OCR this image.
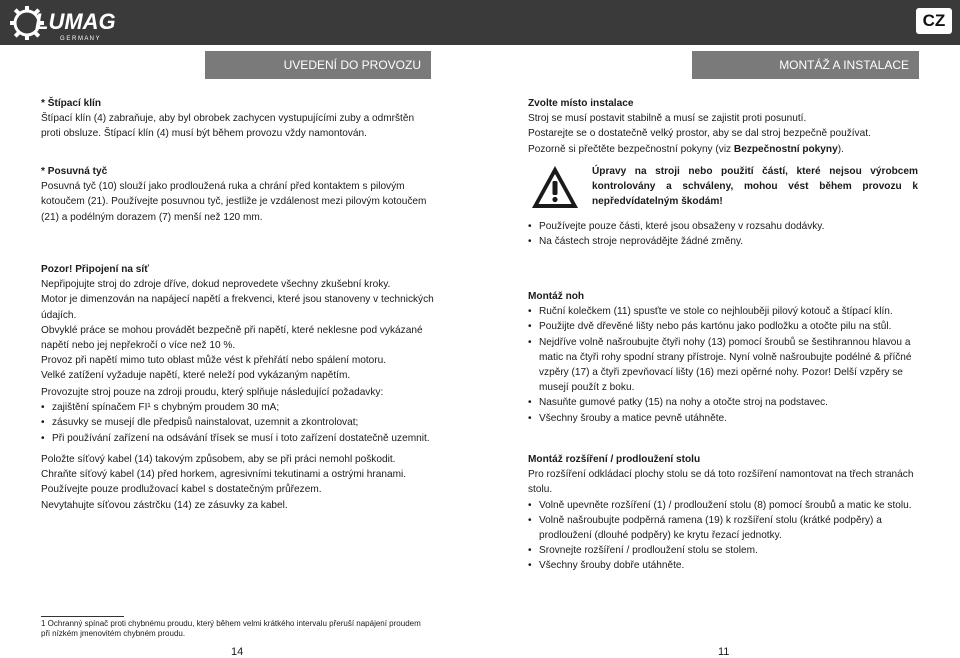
LUMAG
G E R M A N Y
CZ
UVEDENÍ DO PROVOZU	MONTÁŽ A INSTALACE

* Štípací klín

Štípací klín (4) zabraňuje, aby byl obrobek zachycen vystupujícími zuby a odmrštěn

proti obsluze. Štípací klín (4) musí být během provozu vždy namontován.

* Posuvná tyč

Posuvná tyč (10) slouží jako prodloužená ruka a chrání před kontaktem s pilovým

kotoučem (21). Používejte posuvnou tyč, jestliže je vzdálenost mezi pilovým kotoučem

(21) a podélným dorazem (7) menší než 120 mm.

Pozor! Připojení na síť

Nepřipojujte stroj do zdroje dříve, dokud neprovedete všechny zkušební kroky.

Motor je dimenzován na napájecí napětí a frekvenci, které jsou stanoveny v technických

údajích.

Obvyklé práce se mohou provádět bezpečně při napětí, které neklesne pod vykázané

napětí nebo jej nepřekročí o více než 10 %.

Provoz při napětí mimo tuto oblast může vést k přehřátí nebo spálení motoru.

Velké zatížení vyžaduje napětí, které neleží pod vykázaným napětím.

Provozujte stroj pouze na zdroji proudu, který splňuje následující požadavky:

• zajištění spínačem FI¹ s chybným proudem 30 mA;
• zásuvky se musejí dle předpisů nainstalovat, uzemnit a zkontrolovat;
• Při používání zařízení na odsávání třísek se musí i toto zařízení dostatečně uzemnit.

Položte síťový kabel (14) takovým způsobem, aby se při práci nemohl poškodit.

Chraňte síťový kabel (14) před horkem, agresivními tekutinami a ostrými hranami.

Používejte pouze prodlužovací kabel s dostatečným průřezem.

Nevytahujte síťovou zástrčku (14) ze zásuvky za kabel.

1 Ochranný spínač proti chybnému proudu, který během velmi krátkého intervalu přeruší napájení proudem
při nízkém jmenovitém chybném proudu.
14

Zvolte místo instalace

Stroj se musí postavit stabilně a musí se zajistit proti posunutí.

Postarejte se o dostatečně velký prostor, aby se dal stroj bezpečně používat.

Pozorně si přečtěte bezpečnostní pokyny (viz Bezpečnostní pokyny).

Úpravy na stroji nebo použití částí, které nejsou výrobcem

kontrolovány a schváleny, mohou vést během provozu k

nepředvídatelným škodám!

• Používejte pouze části, které jsou obsaženy v rozsahu dodávky.
• Na částech stroje neprovádějte žádné změny.

Montáž noh

• Ruční kolečkem (11) spusťte ve stole co nejhlouběji pilový kotouč a štípací klín.
• Použijte dvě dřevěné lišty nebo pás kartónu jako podložku a otočte pilu na stůl.
• Nejdříve volně našroubujte čtyři nohy (13) pomocí šroubů se šestihrannou hlavou a
matic na čtyři rohy spodní strany přístroje. Nyní volně našroubujte podélné & příčné
vzpěry (17) a čtyři zpevňovací lišty (16) mezi opěrné nohy. Pozor! Delší vzpěry se
musejí použít z boku.
• Nasuňte gumové patky (15) na nohy a otočte stroj na podstavec.
• Všechny šrouby a matice pevně utáhněte.

Montáž rozšíření / prodloužení stolu

Pro rozšíření odkládací plochy stolu se dá toto rozšíření namontovat na třech stranách

stolu.

• Volně upevněte rozšíření (1) / prodloužení stolu (8) pomocí šroubů a matic ke stolu.
• Volně našroubujte podpěrná ramena (19) k rozšíření stolu (krátké podpěry) a
prodloužení (dlouhé podpěry) ke krytu řezací jednotky.
• Srovnejte rozšíření / prodloužení stolu se stolem.
• Všechny šrouby dobře utáhněte.
11
